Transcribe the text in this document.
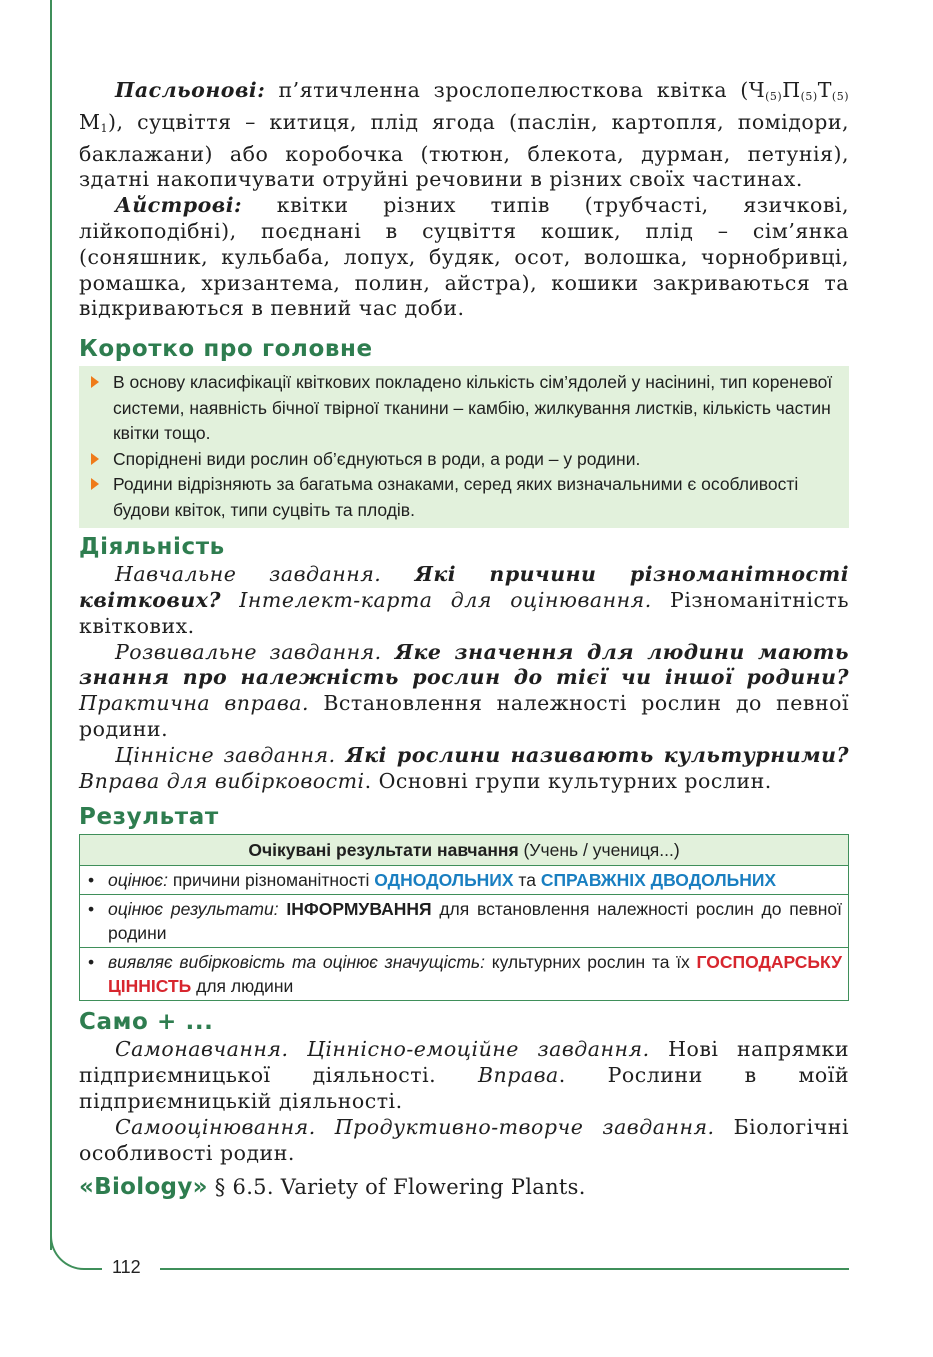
112

Пасльонові: п’ятичленна зрослопелюсткова квітка ($Ч_{(5)}П_{(5)}Т_{(5)}$ $М_1$), суцвіття – китиця, плід ягода (паслін, картопля, помідори, баклажани) або коробочка (тютюн, блекота, дурман, петунія), здатні накопичувати отруйні речовини в різних своїх частинах.

Айстрові: квітки різних типів (трубчасті, язичкові, лійкоподібні), поєднані в суцвіття кошик, плід – сім’янка (соняшник, кульбаба, лопух, будяк, осот, волошка, чорнобривці, ромашка, хризантема, полин, айстра), кошики закриваються та відкриваються в певний час доби.

Коротко про головне
В основу класифікації квіткових покладено кількість сім’ядолей у насінині, тип кореневої системи, наявність бічної твірної тканини – камбію, жилкування листків, кількість частин квітки тощо.
Споріднені види рослин об’єднуються в роди, а роди – у родини.
Родини відрізняють за багатьма ознаками, серед яких визначальними є особливості будови квіток, типи суцвіть та плодів.
Діяльність

Навчальне завдання. Які причини різноманітності квіткових? Інтелект-карта для оцінювання. Різноманітність квіткових.

Розвивальне завдання. Яке значення для людини мають знання про належність рослин до тієї чи іншої родини? Практична вправа. Встановлення належності рослин до певної родини.

Ціннісне завдання. Які рослини називають культурними? Вправа для вибірковості. Основні групи культурних рослин.

Результат
Очікувані результати навчання (Учень / учениця...)

• оцінює: причини різноманітності ОДНОДОЛЬНИХ та СПРАВЖНІХ ДВОДОЛЬНИХ

• оцінює результати: ІНФОРМУВАННЯ для встановлення належності рослин до певної родини

• виявляє вибірковість та оцінює значущість: культурних рослин та їх ГОСПОДАРСЬКУ ЦІННІСТЬ для людини
Само + ...

Самонавчання. Ціннісно-емоційне завдання. Нові напрямки підприємницької діяльності. Вправа. Рослини в моїй підприємницькій діяльності.

Самооцінювання. Продуктивно-творче завдання. Біологічні особливості родин.

«Biology» § 6.5. Variety of Flowering Plants.
